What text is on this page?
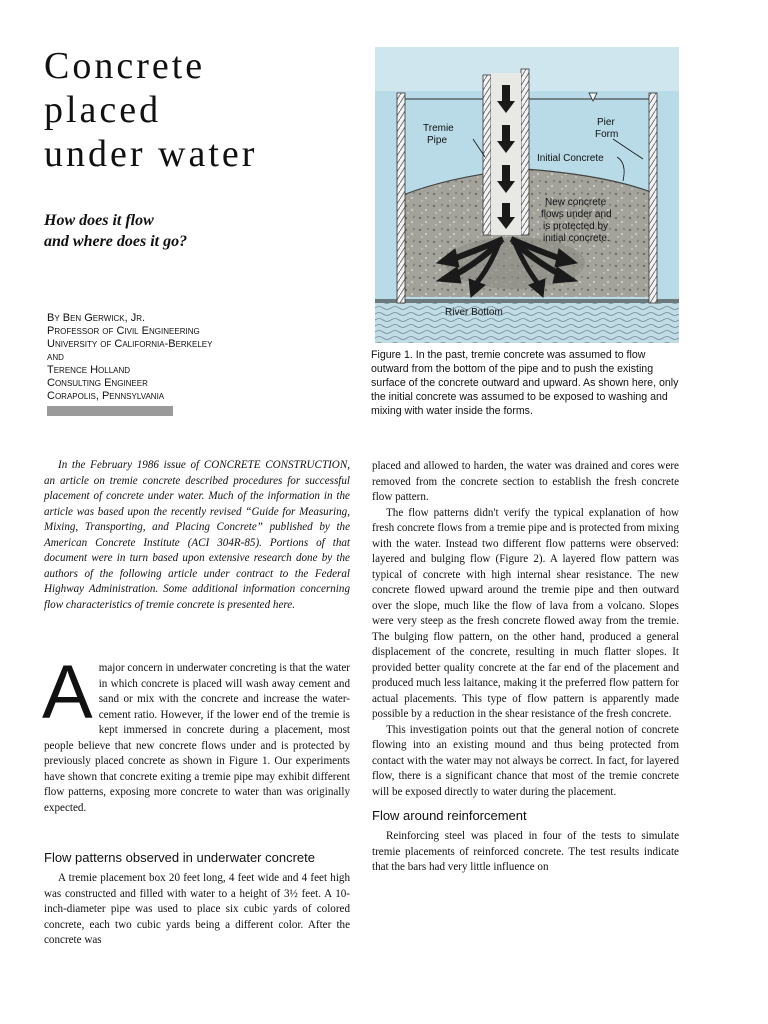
Concrete
placed
under water
How does it flow
and where does it go?
By Ben Gerwick, Jr.
Professor of Civil Engineering
University of California-Berkeley
and
Terence Holland
Consulting Engineer
Corapolis, Pennsylvania
Tremie
Pipe
Pier
Form
Initial Concrete
New concrete
flows under and
is protected by
initial concrete.
River Bottom
Figure 1. In the past, tremie concrete was assumed to flow outward from the bottom of the pipe and to push the existing surface of the concrete outward and upward. As shown here, only the initial concrete was assumed to be exposed to washing and mixing with water inside the forms.

In the February 1986 issue of CONCRETE CONSTRUCTION, an article on tremie concrete described procedures for successful placement of concrete under water. Much of the information in the article was based upon the recently revised “Guide for Measuring, Mixing, Transporting, and Placing Concrete” published by the American Concrete Institute (ACI 304R-85). Portions of that document were in turn based upon extensive research done by the authors of the following article under contract to the Federal Highway Administration. Some additional information concerning flow characteristics of tremie concrete is presented here.

Amajor concern in underwater concreting is that the water in which concrete is placed will wash away cement and sand or mix with the concrete and increase the water-cement ratio. However, if the lower end of the tremie is kept immersed in concrete during a placement, most people believe that new concrete flows under and is protected by previously placed concrete as shown in Figure 1. Our experiments have shown that concrete exiting a tremie pipe may exhibit different flow patterns, exposing more concrete to water than was originally expected.

Flow patterns observed in underwater concrete

A tremie placement box 20 feet long, 4 feet wide and 4 feet high was constructed and filled with water to a height of 3½ feet. A 10-inch-diameter pipe was used to place six cubic yards of colored concrete, each two cubic yards being a different color. After the concrete was

placed and allowed to harden, the water was drained and cores were removed from the concrete section to establish the fresh concrete flow pattern.

The flow patterns didn't verify the typical explanation of how fresh concrete flows from a tremie pipe and is protected from mixing with the water. Instead two different flow patterns were observed: layered and bulging flow (Figure 2). A layered flow pattern was typical of concrete with high internal shear resistance. The new concrete flowed upward around the tremie pipe and then outward over the slope, much like the flow of lava from a volcano. Slopes were very steep as the fresh concrete flowed away from the tremie. The bulging flow pattern, on the other hand, produced a general displacement of the concrete, resulting in much flatter slopes. It provided better quality concrete at the far end of the placement and produced much less laitance, making it the preferred flow pattern for actual placements. This type of flow pattern is apparently made possible by a reduction in the shear resistance of the fresh concrete.

This investigation points out that the general notion of concrete flowing into an existing mound and thus being protected from contact with the water may not always be correct. In fact, for layered flow, there is a significant chance that most of the tremie concrete will be exposed directly to water during the placement.

Flow around reinforcement

Reinforcing steel was placed in four of the tests to simulate tremie placements of reinforced concrete. The test results indicate that the bars had very little influence on
